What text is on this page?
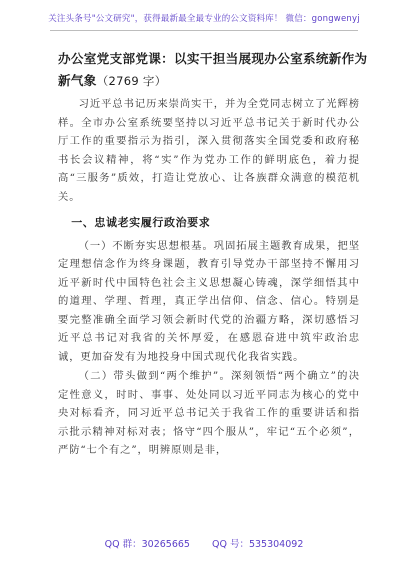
关注头条号"公文研究"，获得最新最全最专业的公文资料库！ 微信：gongwenyj
办公室党支部党课：以实干担当展现办公室系统新作为新气象（2769 字）

习近平总书记历来崇尚实干，并为全党同志树立了光辉榜样。全市办公室系统要坚持以习近平总书记关于新时代办公厅工作的重要指示为指引，深入贯彻落实全国党委和政府秘书长会议精神，将“实”作为党办工作的鲜明底色，着力提高“三服务”质效，打造让党放心、让各族群众满意的模范机关。

一、忠诚老实履行政治要求

（一）不断夯实思想根基。巩固拓展主题教育成果，把坚定理想信念作为终身课题，教育引导党办干部坚持不懈用习近平新时代中国特色社会主义思想凝心铸魂，深学细悟其中的道理、学理、哲理，真正学出信仰、信念、信心。特别是要完整准确全面学习领会新时代党的治疆方略，深切感悟习近平总书记对我省的关怀厚爱，在感恩奋进中筑牢政治忠诚，更加奋发有为地投身中国式现代化我省实践。

（二）带头做到“两个维护”。深刻领悟“两个确立”的决定性意义，时时、事事、处处同以习近平同志为核心的党中央对标看齐，同习近平总书记关于我省工作的重要讲话和指示批示精神对标对表；恪守“四个服从”，牢记“五个必须”，严防“七个有之”，明辨原则是非，

QQ 群：30265665 QQ 号：535304092
